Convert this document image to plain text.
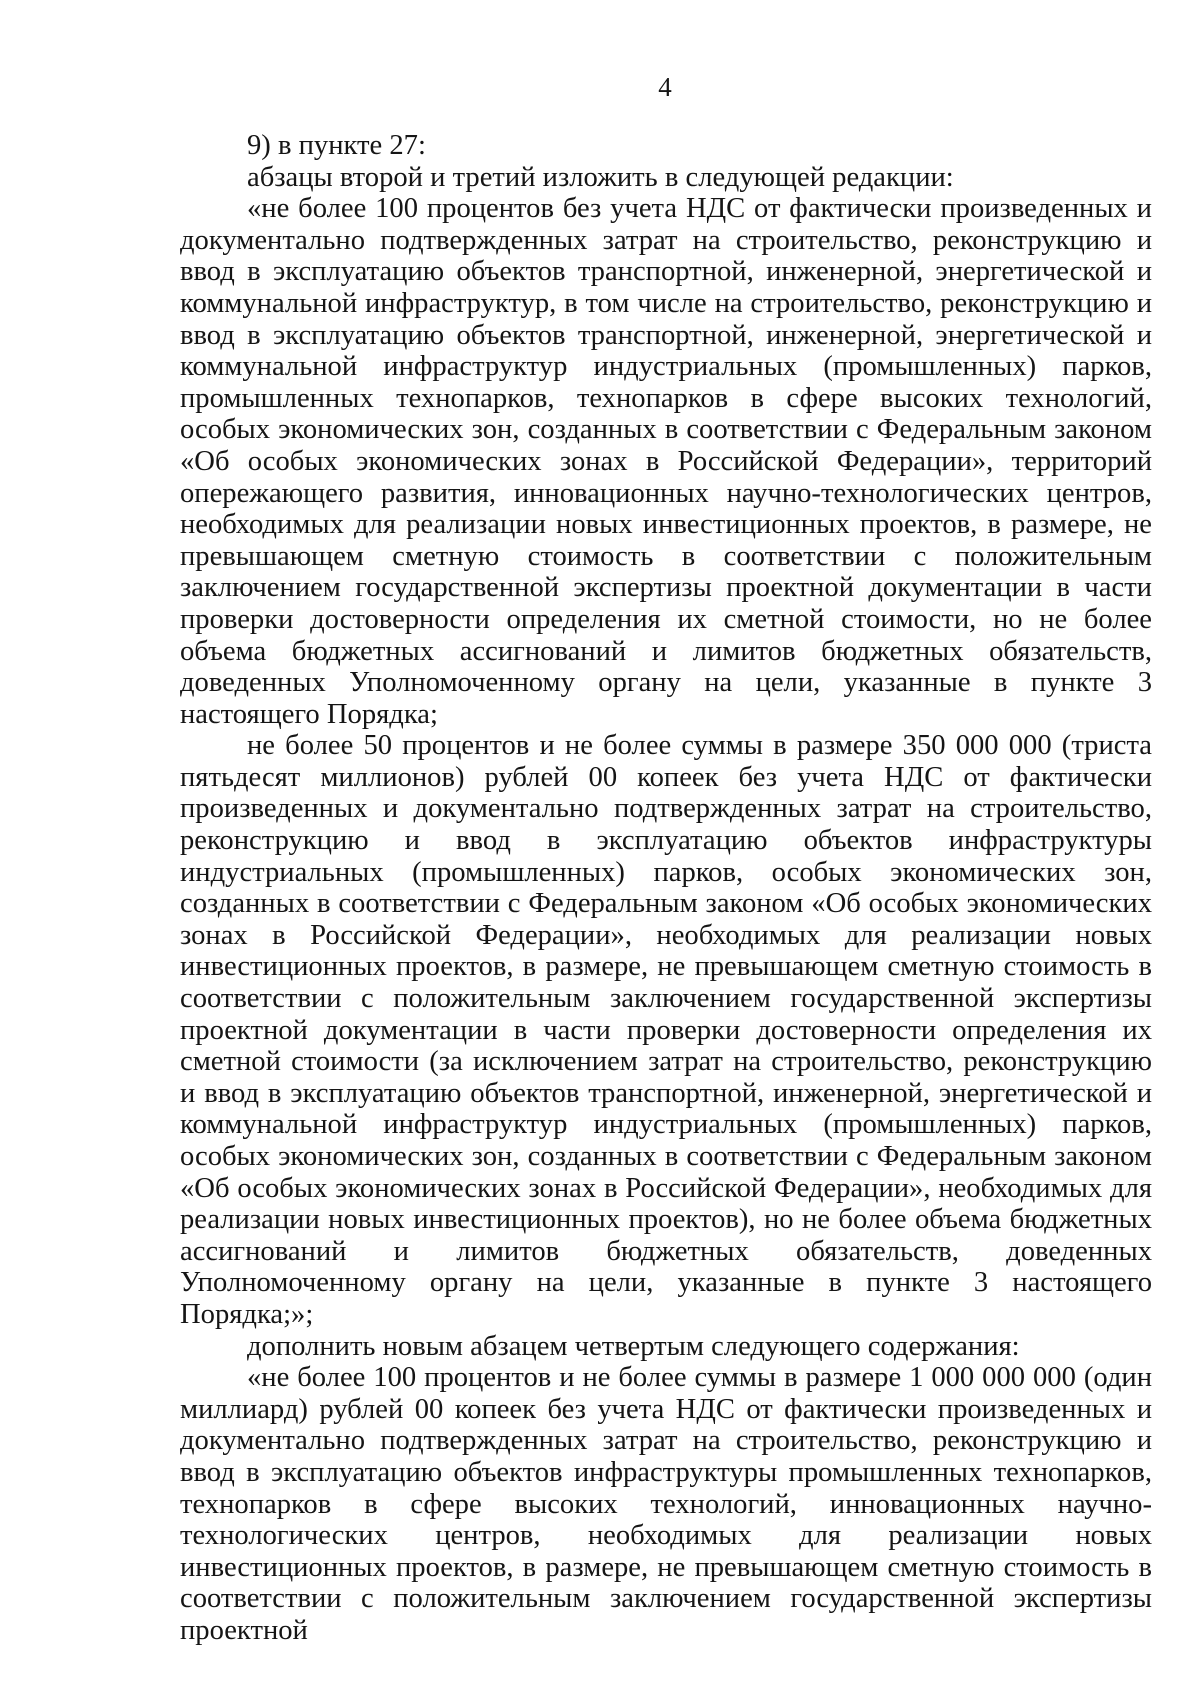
4

9) в пункте 27:

абзацы второй и третий изложить в следующей редакции:

«не более 100 процентов без учета НДС от фактически произведенных и документально подтвержденных затрат на строительство, реконструкцию и ввод в эксплуатацию объектов транспортной, инженерной, энергетической и коммунальной инфраструктур, в том числе на строительство, реконструкцию и ввод в эксплуатацию объектов транспортной, инженерной, энергетической и коммунальной инфраструктур индустриальных (промышленных) парков, промышленных технопарков, технопарков в сфере высоких технологий, особых экономических зон, созданных в соответствии с Федеральным законом «Об особых экономических зонах в Российской Федерации», территорий опережающего развития, инновационных научно-технологических центров, необходимых для реализации новых инвестиционных проектов, в размере, не превышающем сметную стоимость в соответствии с положительным заключением государственной экспертизы проектной документации в части проверки достоверности определения их сметной стоимости, но не более объема бюджетных ассигнований и лимитов бюджетных обязательств, доведенных Уполномоченному органу на цели, указанные в пункте 3 настоящего Порядка;

не более 50 процентов и не более суммы в размере 350 000 000 (триста пятьдесят миллионов) рублей 00 копеек без учета НДС от фактически произведенных и документально подтвержденных затрат на строительство, реконструкцию и ввод в эксплуатацию объектов инфраструктуры индустриальных (промышленных) парков, особых экономических зон, созданных в соответствии с Федеральным законом «Об особых экономических зонах в Российской Федерации», необходимых для реализации новых инвестиционных проектов, в размере, не превышающем сметную стоимость в соответствии с положительным заключением государственной экспертизы проектной документации в части проверки достоверности определения их сметной стоимости (за исключением затрат на строительство, реконструкцию и ввод в эксплуатацию объектов транспортной, инженерной, энергетической и коммунальной инфраструктур индустриальных (промышленных) парков, особых экономических зон, созданных в соответствии с Федеральным законом «Об особых экономических зонах в Российской Федерации», необходимых для реализации новых инвестиционных проектов), но не более объема бюджетных ассигнований и лимитов бюджетных обязательств, доведенных Уполномоченному органу на цели, указанные в пункте 3 настоящего Порядка;»;

дополнить новым абзацем четвертым следующего содержания:

«не более 100 процентов и не более суммы в размере 1 000 000 000 (один миллиард) рублей 00 копеек без учета НДС от фактически произведенных и документально подтвержденных затрат на строительство, реконструкцию и ввод в эксплуатацию объектов инфраструктуры промышленных технопарков, технопарков в сфере высоких технологий, инновационных научно-технологических центров, необходимых для реализации новых инвестиционных проектов, в размере, не превышающем сметную стоимость в соответствии с положительным заключением государственной экспертизы проектной
